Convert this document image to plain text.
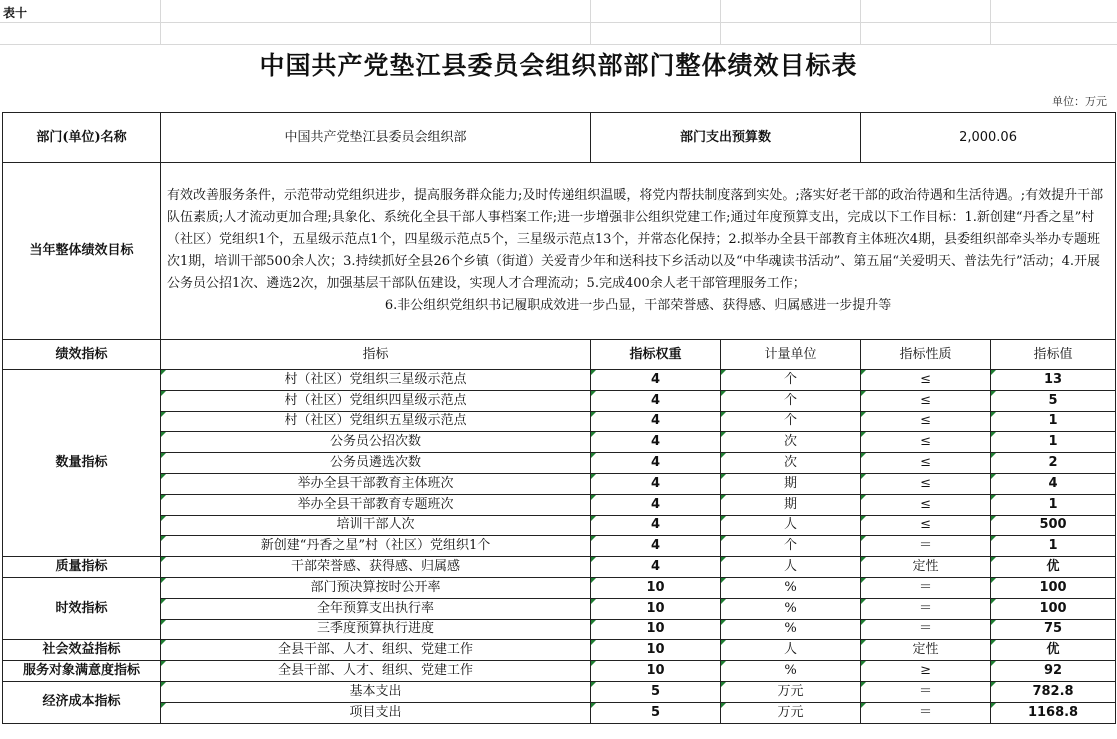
表十
中国共产党垫江县委员会组织部部门整体绩效目标表
单位：万元
部门(单位)名称	中国共产党垫江县委员会组织部	部门支出预算数		2,000.06	
当年整体绩效目标	有效改善服务条件，示范带动党组织进步，提高服务群众能力;及时传递组织温暖，将党内帮扶制度落到实处。;落实好老干部的政治待遇和生活待遇。;有效提升干部队伍素质;人才流动更加合理;具象化、系统化全县干部人事档案工作;进一步增强非公组织党建工作;通过年度预算支出，完成以下工作目标：1.新创建“丹香之星”村（社区）党组织1个，五星级示范点1个，四星级示范点5个，三星级示范点13个，并常态化保持；2.拟举办全县干部教育主体班次4期，县委组织部牵头举办专题班次1期，培训干部500余人次；3.持续抓好全县26个乡镇（街道）关爱青少年和送科技下乡活动以及“中华魂读书活动”、第五届“关爱明天、普法先行”活动；4.开展公务员公招1次、遴选2次，加强基层干部队伍建设，实现人才合理流动；5.完成400余人老干部管理服务工作；
6.非公组织党组织书记履职成效进一步凸显，干部荣誉感、获得感、归属感进一步提升等				

绩效指标	指标	指标权重	计量单位	指标性质	指标值
数量指标	村（社区）党组织三星级示范点	4	个	≤	13
	村（社区）党组织四星级示范点	4	个	≤	5
	村（社区）党组织五星级示范点	4	个	≤	1
	公务员公招次数	4	次	≤	1
	公务员遴选次数	4	次	≤	2
	举办全县干部教育主体班次	4	期	≤	4
	举办全县干部教育专题班次	4	期	≤	1
	培训干部人次	4	人	≤	500
	新创建“丹香之星”村（社区）党组织1个	4	个	＝	1
质量指标	干部荣誉感、获得感、归属感	4	人	定性	优
时效指标	部门预决算按时公开率	10	%	＝	100
	全年预算支出执行率	10	%	＝	100
	三季度预算执行进度	10	%	＝	75
社会效益指标	全县干部、人才、组织、党建工作	10	人	定性	优
服务对象满意度指标	全县干部、人才、组织、党建工作	10	%	≥	92
经济成本指标	基本支出	5	万元	＝	782.8
	项目支出	5	万元	＝	1168.8
